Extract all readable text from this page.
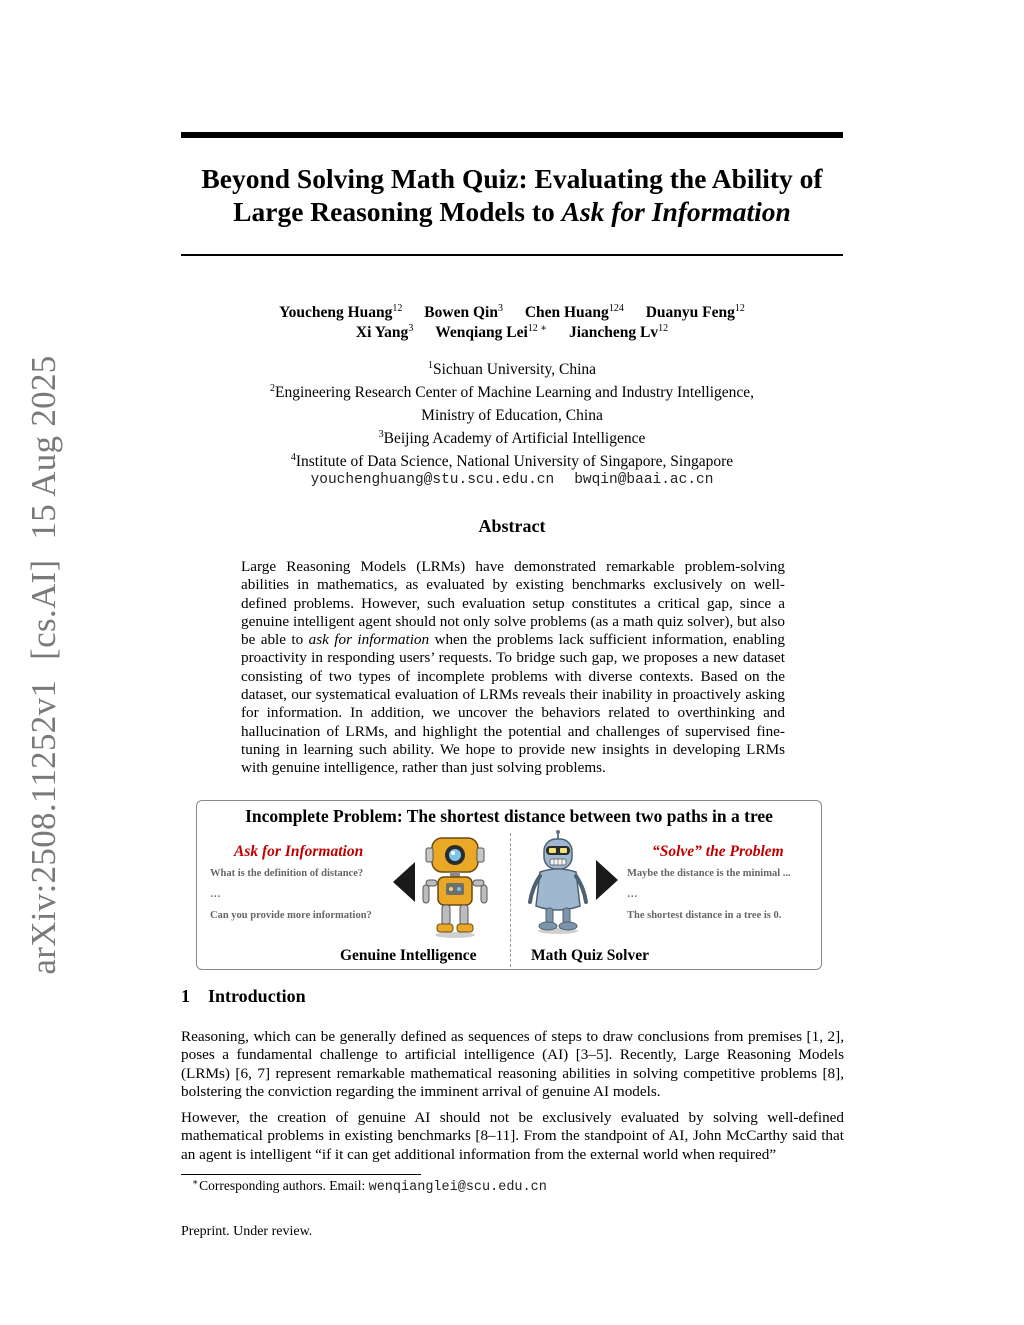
arXiv:2508.11252v1[cs.AI]15 Aug 2025
Beyond Solving Math Quiz: Evaluating the Ability of
Large Reasoning Models to Ask for Information
Youcheng Huang$^{12}$ Bowen Qin$^3$ Chen Huang$^{124}$ Duanyu Feng$^{12}$
Xi Yang$^3$ Wenqiang Lei$^{12 ∗}$ Jiancheng Lv$^{12}$
$^1$Sichuan University, China
$^2$Engineering Research Center of Machine Learning and Industry Intelligence,
Ministry of Education, China
$^3$Beijing Academy of Artificial Intelligence
$^4$Institute of Data Science, National University of Singapore, Singapore
youchenghuang@stu.scu.edu.cn bwqin@baai.ac.cn
Abstract
Large Reasoning Models (LRMs) have demonstrated remarkable problem-solving abilities in mathematics, as evaluated by existing benchmarks exclusively on well-defined problems. However, such evaluation setup constitutes a critical gap, since a genuine intelligent agent should not only solve problems (as a math quiz solver), but also be able to ask for information when the problems lack sufficient information, enabling proactivity in responding users’ requests. To bridge such gap, we proposes a new dataset consisting of two types of incomplete problems with diverse contexts. Based on the dataset, our systematical evaluation of LRMs reveals their inability in proactively asking for information. In addition, we uncover the behaviors related to overthinking and hallucination of LRMs, and highlight the potential and challenges of supervised fine-tuning in learning such ability. We hope to provide new insights in developing LRMs with genuine intelligence, rather than just solving problems.
Incomplete Problem: The shortest distance between two paths in a tree
Ask for Information
What is the definition of distance?
…
Can you provide more information?
Genuine Intelligence
“Solve” the Problem
Maybe the distance is the minimal ...
…
The shortest distance in a tree is 0.
Math Quiz Solver
1 Introduction
Reasoning, which can be generally defined as sequences of steps to draw conclusions from premises [1, 2], poses a fundamental challenge to artificial intelligence (AI) [3–5]. Recently, Large Reasoning Models (LRMs) [6, 7] represent remarkable mathematical reasoning abilities in solving competitive problems [8], bolstering the conviction regarding the imminent arrival of genuine AI models.
However, the creation of genuine AI should not be exclusively evaluated by solving well-defined mathematical problems in existing benchmarks [8–11]. From the standpoint of AI, John McCarthy said that an agent is intelligent “if it can get additional information from the external world when required”
∗Corresponding authors. Email: wenqianglei@scu.edu.cn
Preprint. Under review.
